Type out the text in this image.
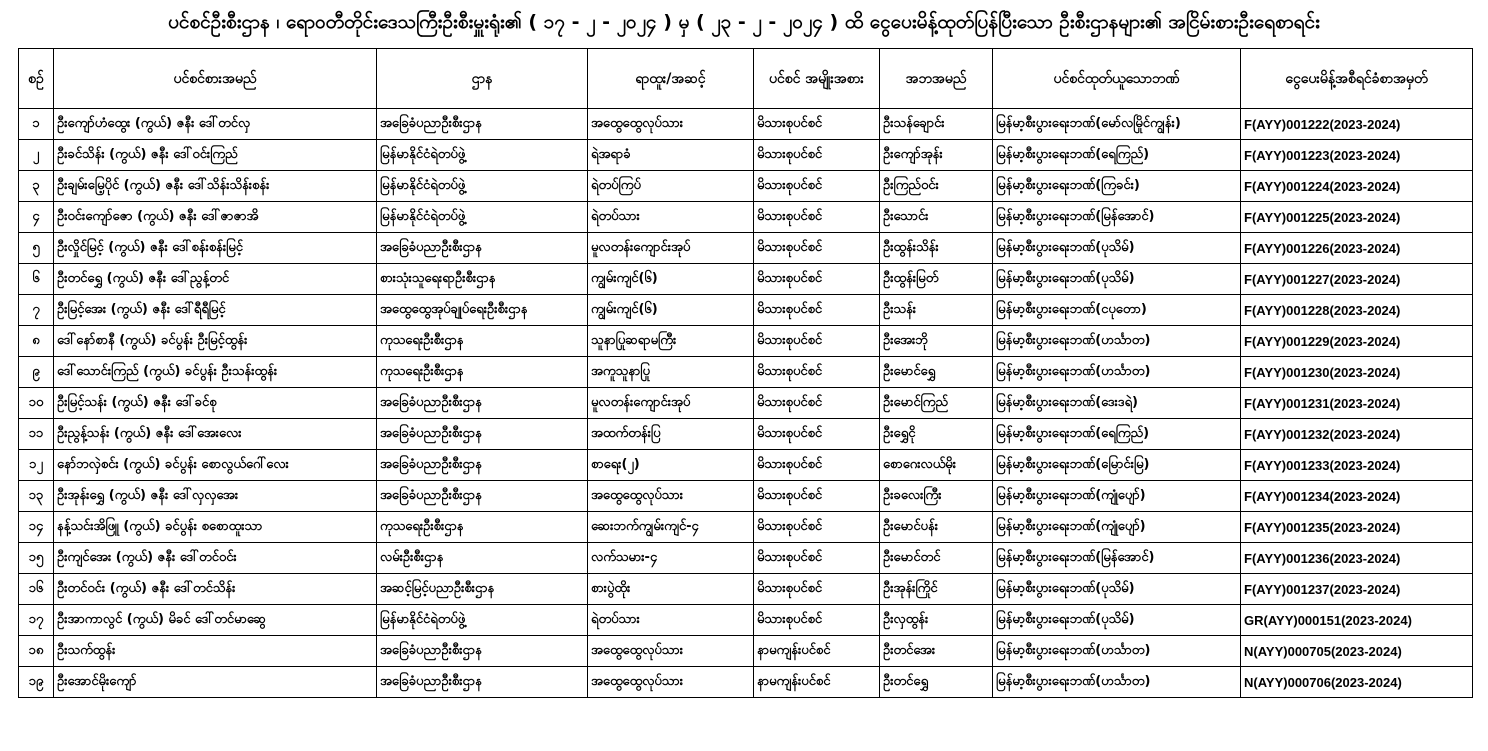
ပင်စင်ဦးစီးဌာန ၊ ရောဝတီတိုင်းဒေသကြီးဦးစီးမှူးရုံး၏ ( ၁၇ - ၂ - ၂၀၂၄ ) မှ ( ၂၃ - ၂ - ၂၀၂၄ ) ထိ ငွေပေးမိန့်ထုတ်ပြန်ပြီးသော ဦးစီးဌာနများ၏ အငြိမ်းစားဦးရေစာရင်း
စဉ်	ပင်စင်စားအမည်	ဌာန	ရာထူး/အဆင့်	ပင်စင် အမျိုးအစား	အဘအမည်	ပင်စင်ထုတ်ယူသောဘဏ်	ငွေပေးမိန့်အစီရင်ခံစာအမှတ်
၁	ဦးကျော်ဟံထွေး (ကွယ်) ဇနီး ဒေါ်တင်လှ	အခြေခံပညာဦးစီးဌာန	အထွေထွေလုပ်သား	မိသားစုပင်စင်	ဦးသန်ချောင်း	မြန်မာ့စီးပွားရေးဘဏ်(မော်လမြိုင်ကျွန်း)	F(AYY)001222(2023-2024)
၂	ဦးခင်သိန်း (ကွယ်) ဇနီး ဒေါ်ဝင်းကြည်	မြန်မာနိုင်ငံရဲတပ်ဖွဲ့	ရဲအရာခံ	မိသားစုပင်စင်	ဦးကျော်အုန်း	မြန်မာ့စီးပွားရေးဘဏ်(ရေကြည်)	F(AYY)001223(2023-2024)
၃	ဦးချမ်းမြေ့ပိုင် (ကွယ်) ဇနီး ဒေါ်သိန်းသိန်းစန်း	မြန်မာနိုင်ငံရဲတပ်ဖွဲ့	ရဲတပ်ကြပ်	မိသားစုပင်စင်	ဦးကြည်ဝင်း	မြန်မာ့စီးပွားရေးဘဏ်(ကြခင်း)	F(AYY)001224(2023-2024)
၄	ဦးဝင်းကျော်ဇော (ကွယ်) ဇနီး ဒေါ်ဇာဇာအိ	မြန်မာနိုင်ငံရဲတပ်ဖွဲ့	ရဲတပ်သား	မိသားစုပင်စင်	ဦးသောင်း	မြန်မာ့စီးပွားရေးဘဏ်(မြန်အောင်)	F(AYY)001225(2023-2024)
၅	ဦးလှိုင်မြင့် (ကွယ်) ဇနီး ဒေါ်စန်းစန်းမြင့်	အခြေခံပညာဦးစီးဌာန	မူလတန်းကျောင်းအုပ်	မိသားစုပင်စင်	ဦးထွန်းသိန်း	မြန်မာ့စီးပွားရေးဘဏ်(ပုသိမ်)	F(AYY)001226(2023-2024)
၆	ဦးတင်ရွှေ (ကွယ်) ဇနီး ဒေါ်ညွန့်တင်	စားသုံးသူရေးရာဦးစီးဌာန	ကျွမ်းကျင်(၆)	မိသားစုပင်စင်	ဦးထွန်းမြတ်	မြန်မာ့စီးပွားရေးဘဏ်(ပုသိမ်)	F(AYY)001227(2023-2024)
၇	ဦးမြင့်အေး (ကွယ်) ဇနီး ဒေါ်ရီရီမြင့်	အထွေထွေအုပ်ချုပ်ရေးဦးစီးဌာန	ကျွမ်းကျင်(၆)	မိသားစုပင်စင်	ဦးသန်း	မြန်မာ့စီးပွားရေးဘဏ်(ငပုတော)	F(AYY)001228(2023-2024)
၈	ဒေါ်နော်စာနီ (ကွယ်) ခင်ပွန်း ဦးမြင့်ထွန်း	ကုသရေးဦးစီးဌာန	သူနာပြုဆရာမကြီး	မိသားစုပင်စင်	ဦးအေးဘို	မြန်မာ့စီးပွားရေးဘဏ်(ဟင်္သာတ)	F(AYY)001229(2023-2024)
၉	ဒေါ်သောင်းကြည် (ကွယ်) ခင်ပွန်း ဦးသန်းထွန်း	ကုသရေးဦးစီးဌာန	အကူသူနာပြု	မိသားစုပင်စင်	ဦးမောင်ရွှေ	မြန်မာ့စီးပွားရေးဘဏ်(ဟင်္သာတ)	F(AYY)001230(2023-2024)
၁၀	ဦးမြင့်သန်း (ကွယ်) ဇနီး ဒေါ်ခင်စု	အခြေခံပညာဦးစီးဌာန	မူလတန်းကျောင်းအုပ်	မိသားစုပင်စင်	ဦးမောင်ကြည်	မြန်မာ့စီးပွားရေးဘဏ်(ဒေးဒရဲ)	F(AYY)001231(2023-2024)
၁၁	ဦးညွန့်သန်း (ကွယ်) ဇနီး ဒေါ်အေးလေး	အခြေခံပညာဦးစီးဌာန	အထက်တန်းပြ	မိသားစုပင်စင်	ဦးရွှေငို	မြန်မာ့စီးပွားရေးဘဏ်(ရေကြည်)	F(AYY)001232(2023-2024)
၁၂	နော်ဘလှဲစင်း (ကွယ်) ခင်ပွန်း စောလွယ်ဂေါ်လေး	အခြေခံပညာဦးစီးဌာန	စာရေး(၂)	မိသားစုပင်စင်	စောဂေးလယ်မိုး	မြန်မာ့စီးပွားရေးဘဏ်(မြောင်းမြ)	F(AYY)001233(2023-2024)
၁၃	ဦးအုန်းရွှေ (ကွယ်) ဇနီး ဒေါ်လှလှအေး	အခြေခံပညာဦးစီးဌာန	အထွေထွေလုပ်သား	မိသားစုပင်စင်	ဦးခလေးကြီး	မြန်မာ့စီးပွားရေးဘဏ်(ကျုံပျော်)	F(AYY)001234(2023-2024)
၁၄	နန့်သင်းအိဖြူ (ကွယ်) ခင်ပွန်း စစောထူးသာ	ကုသရေးဦးစီးဌာန	ဆေးဘက်ကျွမ်းကျင်-၄	မိသားစုပင်စင်	ဦးမောင်ပန်း	မြန်မာ့စီးပွားရေးဘဏ်(ကျုံပျော်)	F(AYY)001235(2023-2024)
၁၅	ဦးကျင်အေး (ကွယ်) ဇနီး ဒေါ်တင်ဝင်း	လမ်းဦးစီးဌာန	လက်သမား-၄	မိသားစုပင်စင်	ဦးမောင်တင်	မြန်မာ့စီးပွားရေးဘဏ်(မြန်အောင်)	F(AYY)001236(2023-2024)
၁၆	ဦးတင်ဝင်း (ကွယ်) ဇနီး ဒေါ်တင်သိန်း	အဆင့်မြင့်ပညာဦးစီးဌာန	စားပွဲထိုး	မိသားစုပင်စင်	ဦးအုန်းကြိုင်	မြန်မာ့စီးပွားရေးဘဏ်(ပုသိမ်)	F(AYY)001237(2023-2024)
၁၇	ဦးအာကာလွင် (ကွယ်) မိခင် ဒေါ်တင်မာဆွေ	မြန်မာနိုင်ငံရဲတပ်ဖွဲ့	ရဲတပ်သား	မိသားစုပင်စင်	ဦးလှထွန်း	မြန်မာ့စီးပွားရေးဘဏ်(ပုသိမ်)	GR(AYY)000151(2023-2024)
၁၈	ဦးသက်ထွန်း	အခြေခံပညာဦးစီးဌာန	အထွေထွေလုပ်သား	နာမကျန်းပင်စင်	ဦးတင်အေး	မြန်မာ့စီးပွားရေးဘဏ်(ဟင်္သာတ)	N(AYY)000705(2023-2024)
၁၉	ဦးအောင်မိုးကျော်	အခြေခံပညာဦးစီးဌာန	အထွေထွေလုပ်သား	နာမကျန်းပင်စင်	ဦးတင်ရွှေ	မြန်မာ့စီးပွားရေးဘဏ်(ဟင်္သာတ)	N(AYY)000706(2023-2024)
